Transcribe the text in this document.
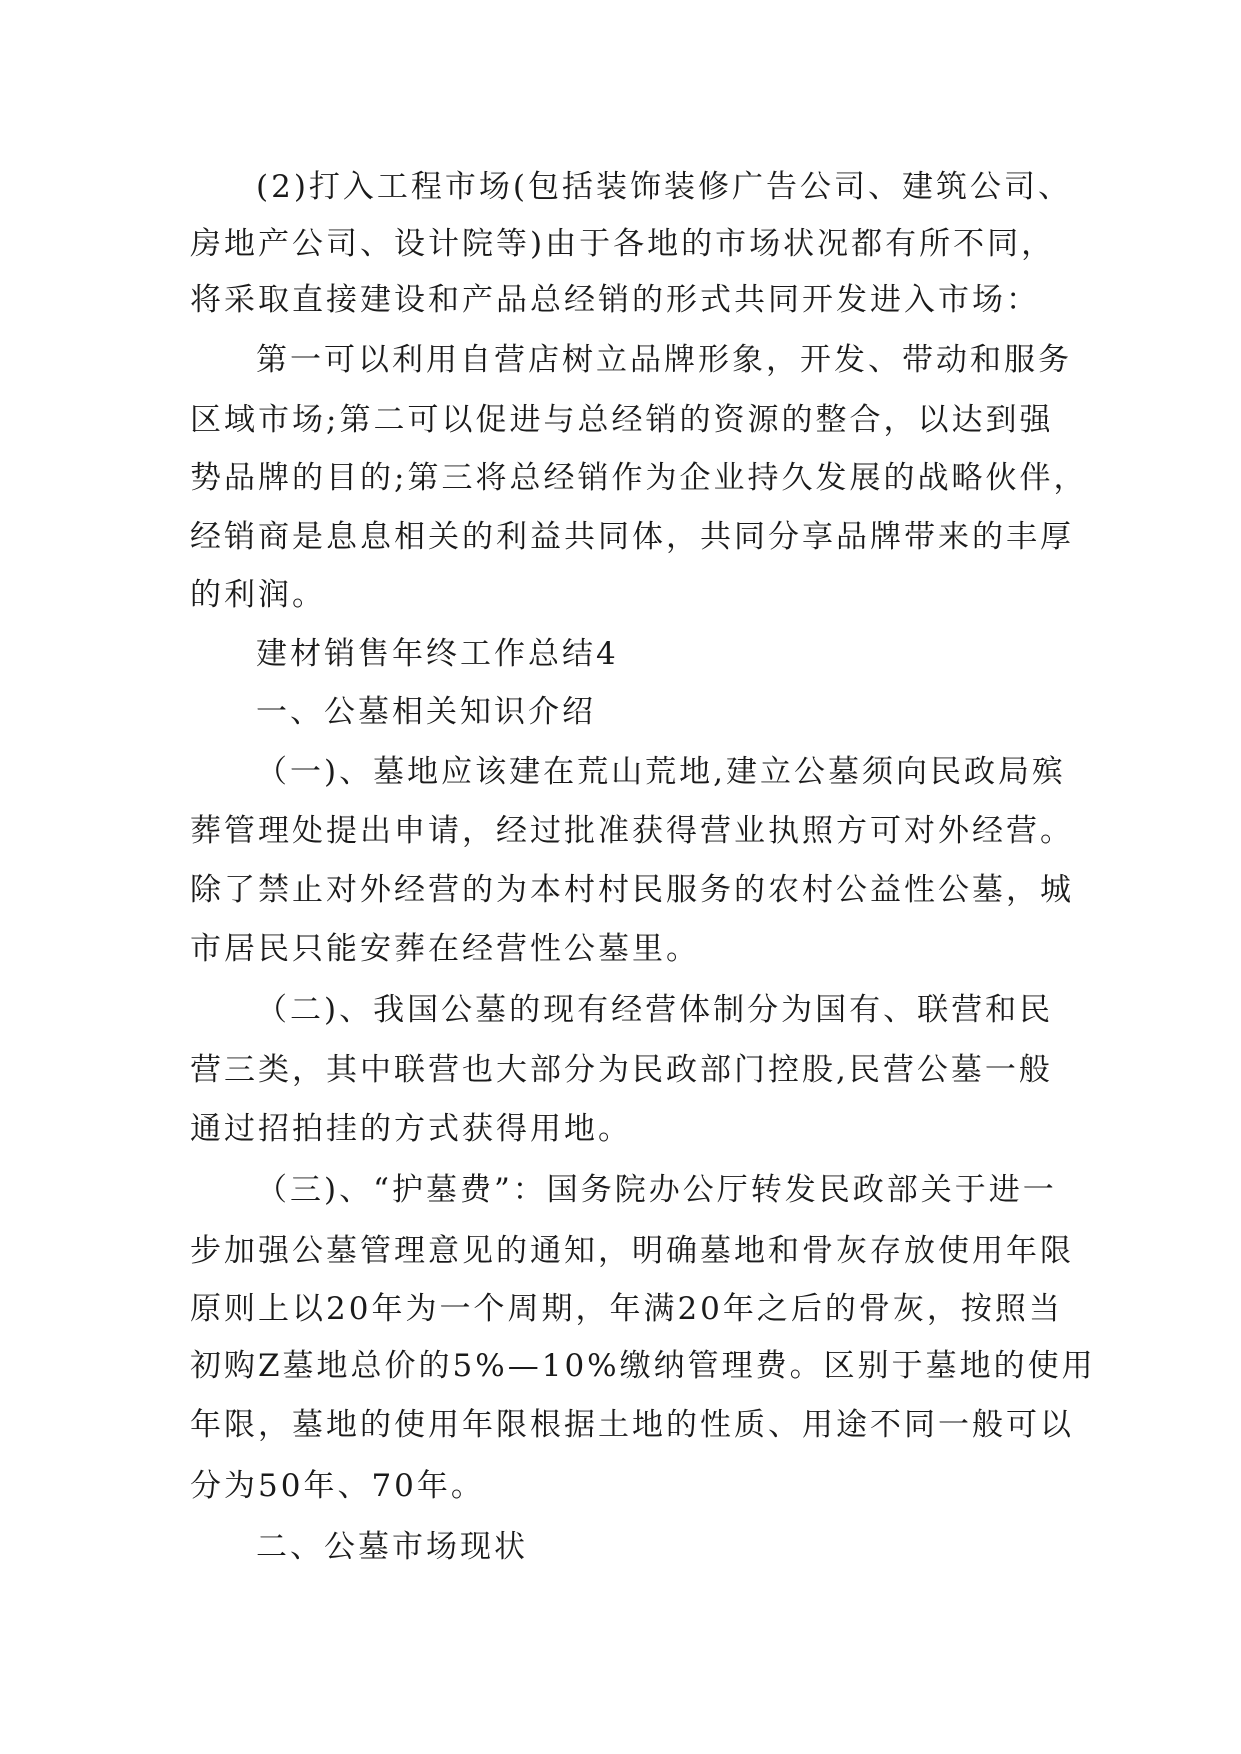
(2)打入工程市场(包括装饰装修广告公司、建筑公司、
房地产公司、设计院等)由于各地的市场状况都有所不同，
将采取直接建设和产品总经销的形式共同开发进入市场：
第一可以利用自营店树立品牌形象，开发、带动和服务
区域市场;第二可以促进与总经销的资源的整合，以达到强
势品牌的目的;第三将总经销作为企业持久发展的战略伙伴，
经销商是息息相关的利益共同体，共同分享品牌带来的丰厚
的利润。
建材销售年终工作总结4
一、公墓相关知识介绍
（一)、墓地应该建在荒山荒地,建立公墓须向民政局殡
葬管理处提出申请，经过批准获得营业执照方可对外经营。
除了禁止对外经营的为本村村民服务的农村公益性公墓，城
市居民只能安葬在经营性公墓里。
（二)、我国公墓的现有经营体制分为国有、联营和民
营三类，其中联营也大部分为民政部门控股,民营公墓一般
通过招拍挂的方式获得用地。
（三)、“护墓费”：国务院办公厅转发民政部关于进一
步加强公墓管理意见的通知，明确墓地和骨灰存放使用年限
原则上以20年为一个周期，年满20年之后的骨灰，按照当
初购Z墓地总价的5%—10%缴纳管理费。区别于墓地的使用
年限，墓地的使用年限根据土地的性质、用途不同一般可以
分为50年、70年。
二、公墓市场现状
